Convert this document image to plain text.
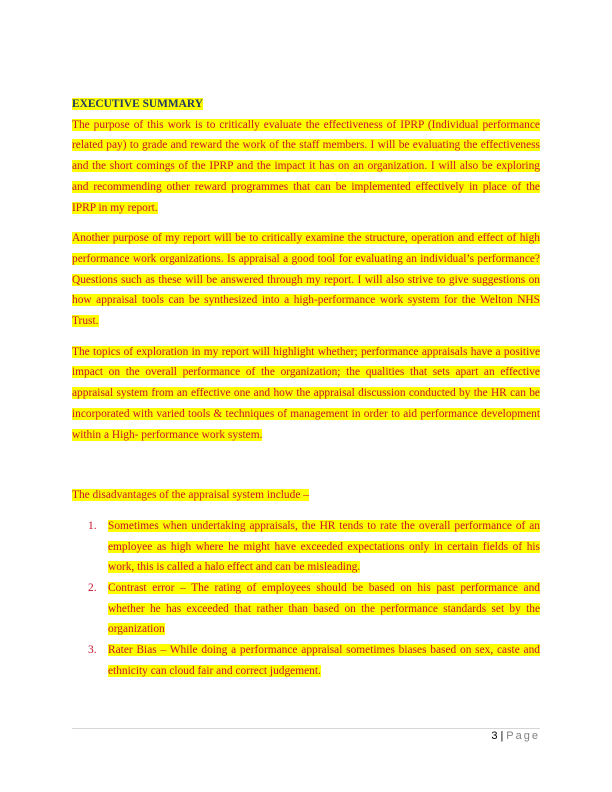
EXECUTIVE SUMMARY

The purpose of this work is to critically evaluate the effectiveness of IPRP (Individual performance related pay) to grade and reward the work of the staff members. I will be evaluating the effectiveness and the short comings of the IPRP and the impact it has on an organization. I will also be exploring and recommending other reward programmes that can be implemented effectively in place of the IPRP in my report.

Another purpose of my report will be to critically examine the structure, operation and effect of high performance work organizations. Is appraisal a good tool for evaluating an individual’s performance? Questions such as these will be answered through my report. I will also strive to give suggestions on how appraisal tools can be synthesized into a high-performance work system for the Welton NHS Trust.

The topics of exploration in my report will highlight whether; performance appraisals have a positive impact on the overall performance of the organization; the qualities that sets apart an effective appraisal system from an effective one and how the appraisal discussion conducted by the HR can be incorporated with varied tools & techniques of management in order to aid performance development within a High- performance work system.

The disadvantages of the appraisal system include –

1. Sometimes when undertaking appraisals, the HR tends to rate the overall performance of an employee as high where he might have exceeded expectations only in certain fields of his work, this is called a halo effect and can be misleading.
2. Contrast error – The rating of employees should be based on his past performance and whether he has exceeded that rather than based on the performance standards set by the organization
3. Rater Bias – While doing a performance appraisal sometimes biases based on sex, caste and ethnicity can cloud fair and correct judgement.
3 | Page
